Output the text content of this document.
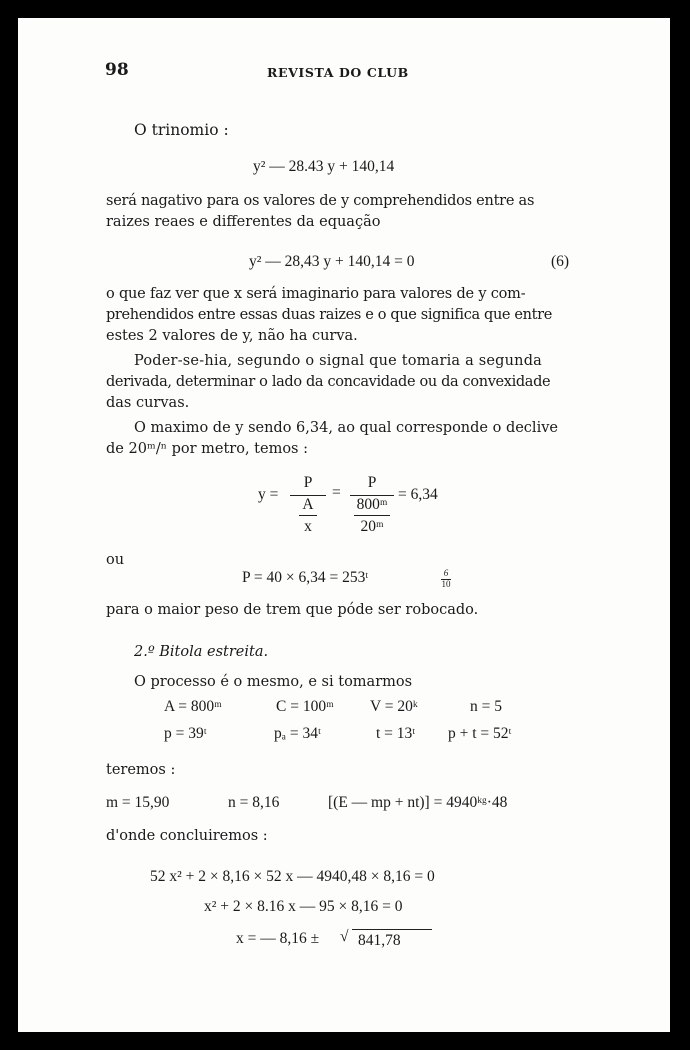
98	REVISTA DO CLUB
O trinomio :
y² — 28.43 y + 140,14
será nagativo para os valores de y comprehendidos entre as
raizes reaes e differentes da equação
y² — 28,43 y + 140,14 = 0	(6)
o que faz ver que x será imaginario para valores de y com-
prehendidos entre essas duas raizes e o que significa que entre
estes 2 valores de y, não ha curva.
Poder-se-hia, segundo o signal que tomaria a segunda
derivada, determinar o lado da concavidade ou da convexidade
das curvas.
O maximo de y sendo 6,34, ao qual corresponde o declive
de 20ᵐ/ⁿ por metro, temos :
y =
P
A
x
=
P
800ᵐ
20ᵐ
= 6,34
ou
P = 40 × 6,34 = 253ᵗ	6
10
para o maior peso de trem que póde ser robocado.
2.º Bitola estreita.
O processo é o mesmo, e si tomarmos
A = 800ᵐ	C = 100ᵐ V = 20ᵏ	n = 5
p = 39ᵗ	pₐ = 34ᵗ	t = 13ᵗ p + t = 52ᵗ
teremos :
m = 15,90	n = 8,16	[(E — mp + nt)] = 4940ᵏᵍ·48
d'onde concluiremos :
52 x² + 2 × 8,16 × 52 x — 4940,48 × 8,16 = 0
x² + 2 × 8.16 x — 95 × 8,16 = 0
x = — 8,16 ± √ 841,78
